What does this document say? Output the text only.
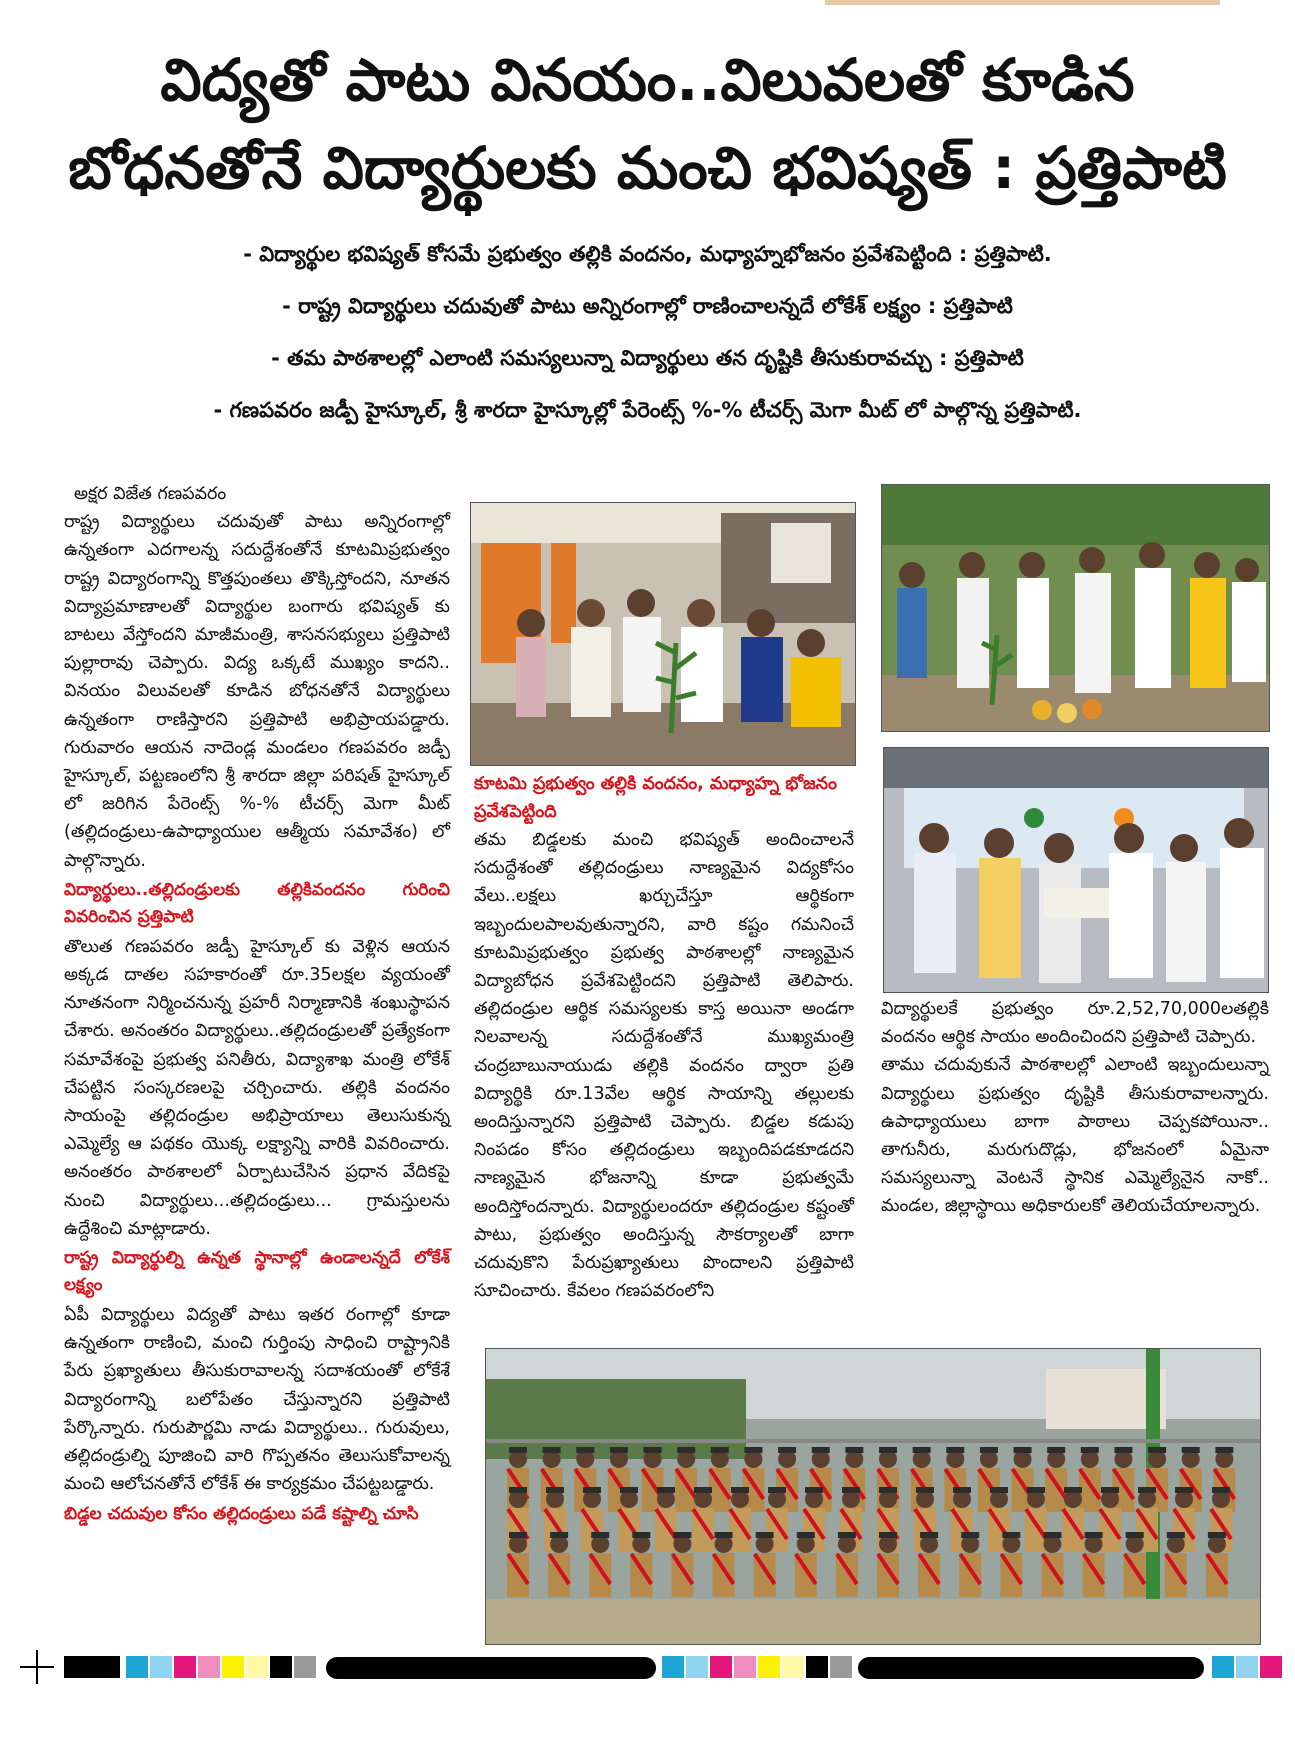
విద్యతో పాటు వినయం..విలువలతో కూడిన
బోధనతోనే విద్యార్థులకు మంచి భవిష్యత్ : ప్రత్తిపాటి
- విద్యార్థుల భవిష్యత్ కోసమే ప్రభుత్వం తల్లికి వందనం, మధ్యాహ్నభోజనం ప్రవేశపెట్టింది : ప్రత్తిపాటి.
- రాష్ట్ర విద్యార్థులు చదువుతో పాటు అన్నిరంగాల్లో రాణించాలన్నదే లోకేశ్ లక్ష్యం : ప్రత్తిపాటి
- తమ పాఠశాలల్లో ఎలాంటి సమస్యలున్నా విద్యార్థులు తన దృష్టికి తీసుకురావచ్చు : ప్రత్తిపాటి
- గణపవరం జడ్పీ హైస్కూల్, శ్రీ శారదా హైస్కూల్లో పేరెంట్స్ %-% టీచర్స్ మెగా మీట్ లో పాల్గొన్న ప్రత్తిపాటి.

అక్షర విజేత గణపవరం

రాష్ట్ర విద్యార్థులు చదువుతో పాటు అన్నిరంగాల్లో ఉన్నతంగా ఎదగాలన్న సదుద్దేశంతోనే కూటమిప్రభుత్వం రాష్ట్ర విద్యారంగాన్ని కొత్తపుంతలు తొక్కిస్తోందని, నూతన విద్యాప్రమాణాలతో విద్యార్థుల బంగారు భవిష్యత్ కు బాటలు వేస్తోందని మాజీమంత్రి, శాసనసభ్యులు ప్రత్తిపాటి పుల్లారావు చెప్పారు. విద్య ఒక్కటే ముఖ్యం కాదని.. వినయం విలువలతో కూడిన బోధనతోనే విద్యార్థులు ఉన్నతంగా రాణిస్తారని ప్రత్తిపాటి అభిప్రాయపడ్డారు. గురువారం ఆయన నాదెండ్ల మండలం గణపవరం జడ్పీ హైస్కూల్, పట్టణంలోని శ్రీ శారదా జిల్లా పరిషత్ హైస్కూల్ లో జరిగిన పేరెంట్స్ %-% టీచర్స్ మెగా మీట్ (తల్లిదండ్రులు-ఉపాధ్యాయుల ఆత్మీయ సమావేశం) లో పాల్గొన్నారు.

విద్యార్థులు..తల్లిదండ్రులకు తల్లికివందనం గురించి వివరించిన ప్రత్తిపాటి

తొలుత గణపవరం జడ్పీ హైస్కూల్ కు వెళ్లిన ఆయన అక్కడ దాతల సహకారంతో రూ.35లక్షల వ్యయంతో నూతనంగా నిర్మించనున్న ప్రహరీ నిర్మాణానికి శంఖుస్థాపన చేశారు. అనంతరం విద్యార్థులు..తల్లిదండ్రులతో ప్రత్యేకంగా సమావేశంపై ప్రభుత్వ పనితీరు, విద్యాశాఖ మంత్రి లోకేశ్ చేపట్టిన సంస్కరణలపై చర్చించారు. తల్లికి వందనం సాయంపై తల్లిదండ్రుల అభిప్రాయాలు తెలుసుకున్న ఎమ్మెల్యే ఆ పథకం యొక్క లక్ష్యాన్ని వారికి వివరించారు. అనంతరం పాఠశాలలో ఏర్పాటుచేసిన ప్రధాన వేదికపై నుంచి విద్యార్థులు...తల్లిదండ్రులు... గ్రామస్తులను ఉద్దేశించి మాట్లాడారు.

రాష్ట్ర విద్యార్థుల్ని ఉన్నత స్థానాల్లో ఉండాలన్నదే లోకేశ్ లక్ష్యం

ఏపీ విద్యార్థులు విద్యతో పాటు ఇతర రంగాల్లో కూడా ఉన్నతంగా రాణించి, మంచి గుర్తింపు సాధించి రాష్ట్రానికి పేరు ప్రఖ్యాతులు తీసుకురావాలన్న సదాశయంతో లోకేశే విద్యారంగాన్ని బలోపేతం చేస్తున్నారని ప్రత్తిపాటి పేర్కొన్నారు. గురుపౌర్ణమి నాడు విద్యార్థులు.. గురువులు, తల్లిదండ్రుల్ని పూజించి వారి గొప్పతనం తెలుసుకోవాలన్న మంచి ఆలోచనతోనే లోకేశ్ ఈ కార్యక్రమం చేపట్టబడ్డారు.

బిడ్డల చదువుల కోసం తల్లిదండ్రులు పడే కష్టాల్ని చూసి

కూటమి ప్రభుత్వం తల్లికి వందనం, మధ్యాహ్న భోజనం ప్రవేశపెట్టింది

తమ బిడ్డలకు మంచి భవిష్యత్ అందించాలనే సదుద్దేశంతో తల్లిదండ్రులు నాణ్యమైన విద్యకోసం వేలు..లక్షలు ఖర్చుచేస్తూ ఆర్థికంగా ఇబ్బందులపాలవుతున్నారని, వారి కష్టం గమనించే కూటమిప్రభుత్వం ప్రభుత్వ పాఠశాలల్లో నాణ్యమైన విద్యాబోధన ప్రవేశపెట్టిందని ప్రత్తిపాటి తెలిపారు. తల్లిదండ్రుల ఆర్థిక సమస్యలకు కాస్త అయినా అండగా నిలవాలన్న సదుద్దేశంతోనే ముఖ్యమంత్రి చంద్రబాబునాయుడు తల్లికి వందనం ద్వారా ప్రతి విద్యార్థికి రూ.13వేల ఆర్థిక సాయాన్ని తల్లులకు అందిస్తున్నారని ప్రత్తిపాటి చెప్పారు. బిడ్డల కడుపు నింపడం కోసం తల్లిదండ్రులు ఇబ్బందిపడకూడదని నాణ్యమైన భోజనాన్ని కూడా ప్రభుత్వమే అందిస్తోందన్నారు. విద్యార్థులందరూ తల్లిదండ్రుల కష్టంతో పాటు, ప్రభుత్వం అందిస్తున్న సౌకర్యాలతో బాగా చదువుకొని పేరుప్రఖ్యాతులు పొందాలని ప్రత్తిపాటి సూచించారు. కేవలం గణపవరంలోని

విద్యార్థులకే ప్రభుత్వం రూ.2,52,70,000లతల్లికి వందనం ఆర్థిక సాయం అందించిందని ప్రత్తిపాటి చెప్పారు.

తాము చదువుకునే పాఠశాలల్లో ఎలాంటి ఇబ్బందులున్నా విద్యార్థులు ప్రభుత్వం దృష్టికి తీసుకురావాలన్నారు. ఉపాధ్యాయులు బాగా పాఠాలు చెప్పకపోయినా.. తాగునీరు, మరుగుదొడ్లు, భోజనంలో ఏమైనా సమస్యలున్నా వెంటనే స్థానిక ఎమ్మెల్యేనైన నాకో.. మండల, జిల్లాస్థాయి అధికారులకో తెలియచేయాలన్నారు.
